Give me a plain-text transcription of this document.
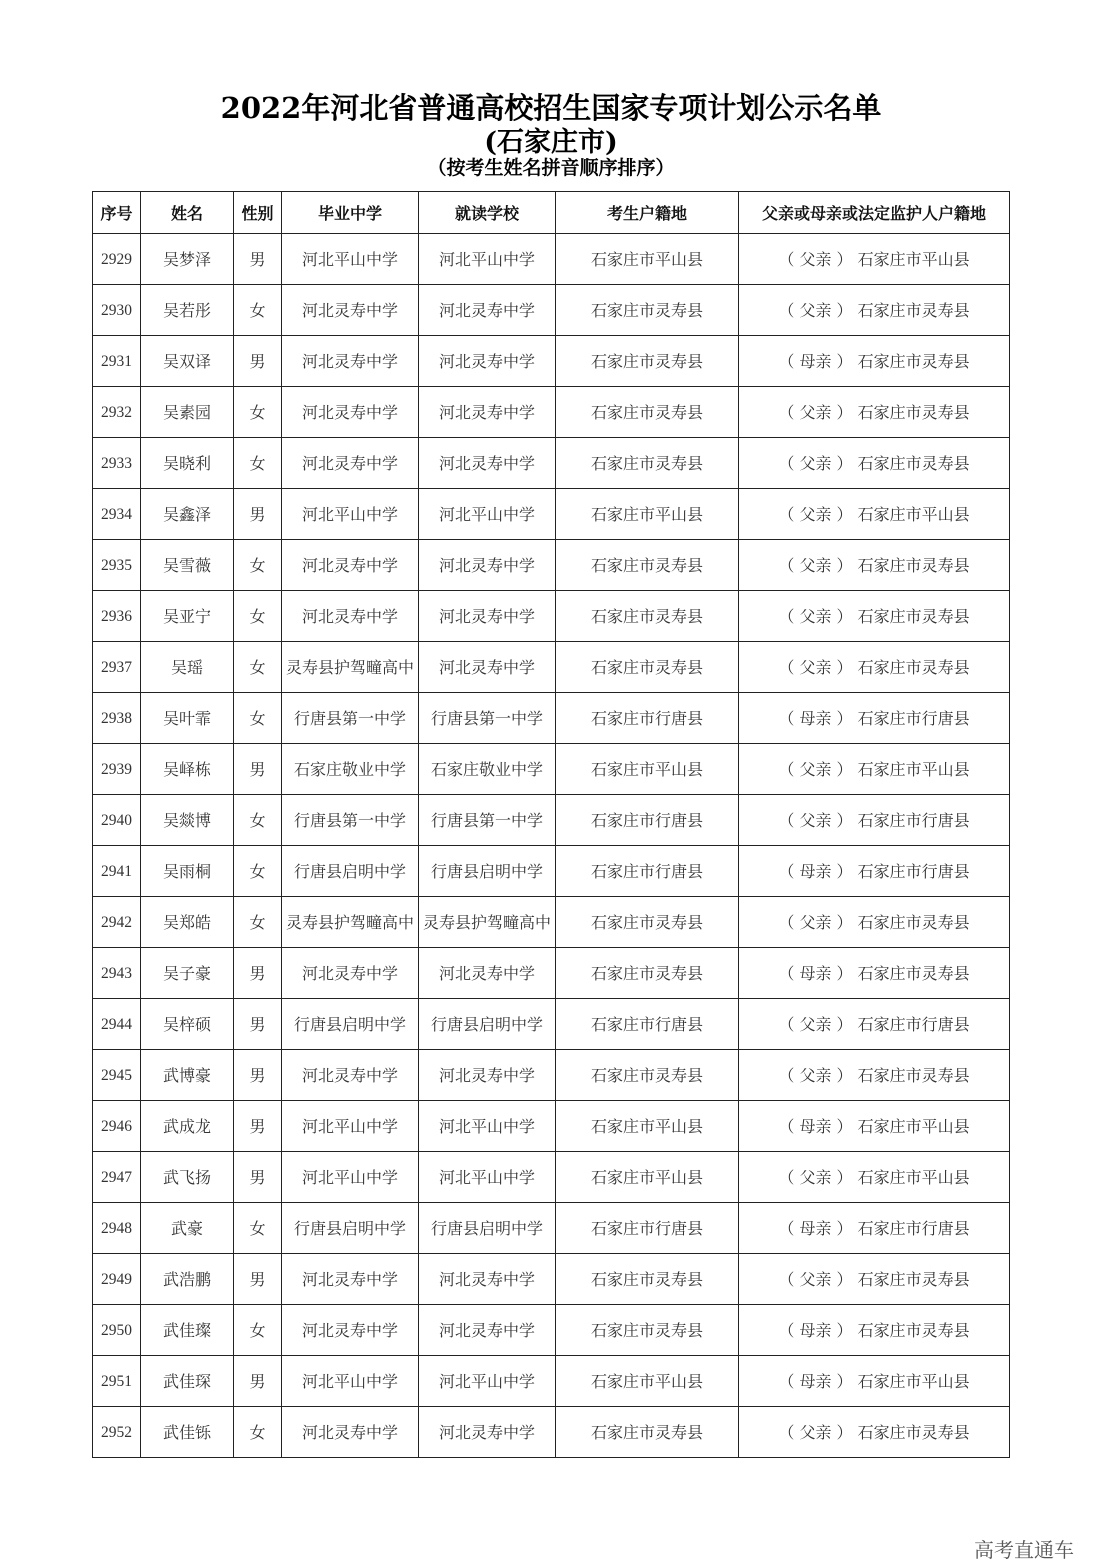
2022年河北省普通高校招生国家专项计划公示名单
(石家庄市)
（按考生姓名拼音顺序排序）
序号	姓名	性别	毕业中学	就读学校	考生户籍地	父亲或母亲或法定监护人户籍地
2929	吴梦泽	男	河北平山中学	河北平山中学	石家庄市平山县	（ 父亲 ） 石家庄市平山县
2930	吴若彤	女	河北灵寿中学	河北灵寿中学	石家庄市灵寿县	（ 父亲 ） 石家庄市灵寿县
2931	吴双译	男	河北灵寿中学	河北灵寿中学	石家庄市灵寿县	（ 母亲 ） 石家庄市灵寿县
2932	吴素园	女	河北灵寿中学	河北灵寿中学	石家庄市灵寿县	（ 父亲 ） 石家庄市灵寿县
2933	吴晓利	女	河北灵寿中学	河北灵寿中学	石家庄市灵寿县	（ 父亲 ） 石家庄市灵寿县
2934	吴鑫泽	男	河北平山中学	河北平山中学	石家庄市平山县	（ 父亲 ） 石家庄市平山县
2935	吴雪薇	女	河北灵寿中学	河北灵寿中学	石家庄市灵寿县	（ 父亲 ） 石家庄市灵寿县
2936	吴亚宁	女	河北灵寿中学	河北灵寿中学	石家庄市灵寿县	（ 父亲 ） 石家庄市灵寿县
2937	吴瑶	女	灵寿县护驾疃高中	河北灵寿中学	石家庄市灵寿县	（ 父亲 ） 石家庄市灵寿县
2938	吴叶霏	女	行唐县第一中学	行唐县第一中学	石家庄市行唐县	（ 母亲 ） 石家庄市行唐县
2939	吴峄栋	男	石家庄敬业中学	石家庄敬业中学	石家庄市平山县	（ 父亲 ） 石家庄市平山县
2940	吴燚博	女	行唐县第一中学	行唐县第一中学	石家庄市行唐县	（ 父亲 ） 石家庄市行唐县
2941	吴雨桐	女	行唐县启明中学	行唐县启明中学	石家庄市行唐县	（ 母亲 ） 石家庄市行唐县
2942	吴郑皓	女	灵寿县护驾疃高中	灵寿县护驾疃高中	石家庄市灵寿县	（ 父亲 ） 石家庄市灵寿县
2943	吴子豪	男	河北灵寿中学	河北灵寿中学	石家庄市灵寿县	（ 母亲 ） 石家庄市灵寿县
2944	吴梓硕	男	行唐县启明中学	行唐县启明中学	石家庄市行唐县	（ 父亲 ） 石家庄市行唐县
2945	武博豪	男	河北灵寿中学	河北灵寿中学	石家庄市灵寿县	（ 父亲 ） 石家庄市灵寿县
2946	武成龙	男	河北平山中学	河北平山中学	石家庄市平山县	（ 母亲 ） 石家庄市平山县
2947	武飞扬	男	河北平山中学	河北平山中学	石家庄市平山县	（ 父亲 ） 石家庄市平山县
2948	武豪	女	行唐县启明中学	行唐县启明中学	石家庄市行唐县	（ 母亲 ） 石家庄市行唐县
2949	武浩鹏	男	河北灵寿中学	河北灵寿中学	石家庄市灵寿县	（ 父亲 ） 石家庄市灵寿县
2950	武佳璨	女	河北灵寿中学	河北灵寿中学	石家庄市灵寿县	（ 母亲 ） 石家庄市灵寿县
2951	武佳琛	男	河北平山中学	河北平山中学	石家庄市平山县	（ 母亲 ） 石家庄市平山县
2952	武佳铄	女	河北灵寿中学	河北灵寿中学	石家庄市灵寿县	（ 父亲 ） 石家庄市灵寿县
高考直通车
